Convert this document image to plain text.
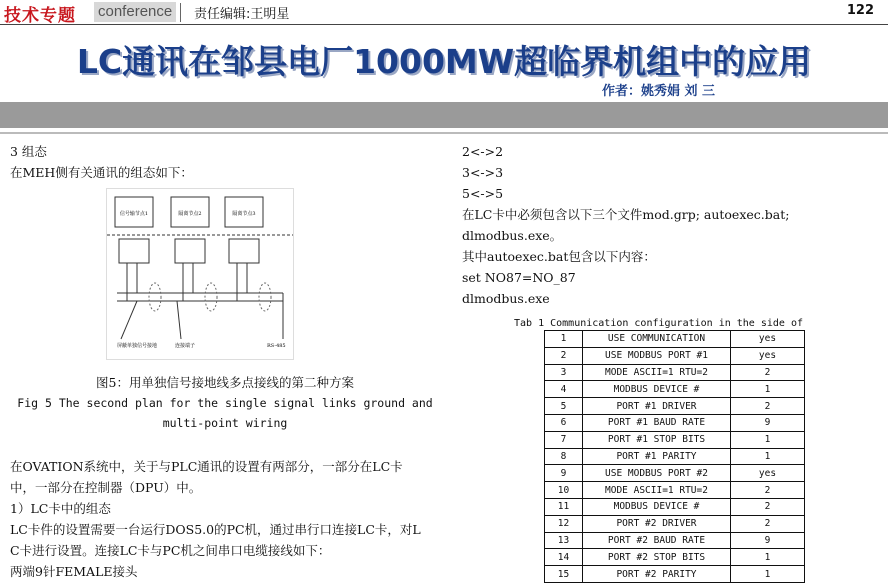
技术专题 conference	责任编辑:王明星	122
LC通讯在邹县电厂1000MW超临界机组中的应用
作者：姚秀娟 刘 三
3 组态
在MEH侧有关通讯的组态如下：
信号输节点1	隔离节点2	隔离节点3
屏蔽单独信号接地	连接端子	RS-485
图5：用单独信号接地线多点接线的第二种方案
Fig 5 The second plan for the single signal links ground and
multi-point wiring
在OVATION系统中，关于与PLC通讯的设置有两部分，一部分在LC卡
中，一部分在控制器（DPU）中。
1）LC卡中的组态
LC卡件的设置需要一台运行DOS5.0的PC机，通过串行口连接LC卡，对L
C卡进行设置。连接LC卡与PC机之间串口电缆接线如下：
两端9针FEMALE接头
2<->2
3<->3
5<->5
在LC卡中必须包含以下三个文件mod.grp; autoexec.bat;
dlmodbus.exe。
其中autoexec.bat包含以下内容：
set NO87=NO_87
dlmodbus.exe
Tab 1 Communication configuration in the side of
1	USE COMMUNICATION	yes
2	USE MODBUS PORT #1	yes
3	MODE ASCII=1 RTU=2	2
4	MODBUS DEVICE #	1
5	PORT #1 DRIVER	2
6	PORT #1 BAUD RATE	9
7	PORT #1 STOP BITS	1
8	PORT #1 PARITY	1
9	USE MODBUS PORT #2	yes
10	MODE ASCII=1 RTU=2	2
11	MODBUS DEVICE #	2
12	PORT #2 DRIVER	2
13	PORT #2 BAUD RATE	9
14	PORT #2 STOP BITS	1
15	PORT #2 PARITY	1
